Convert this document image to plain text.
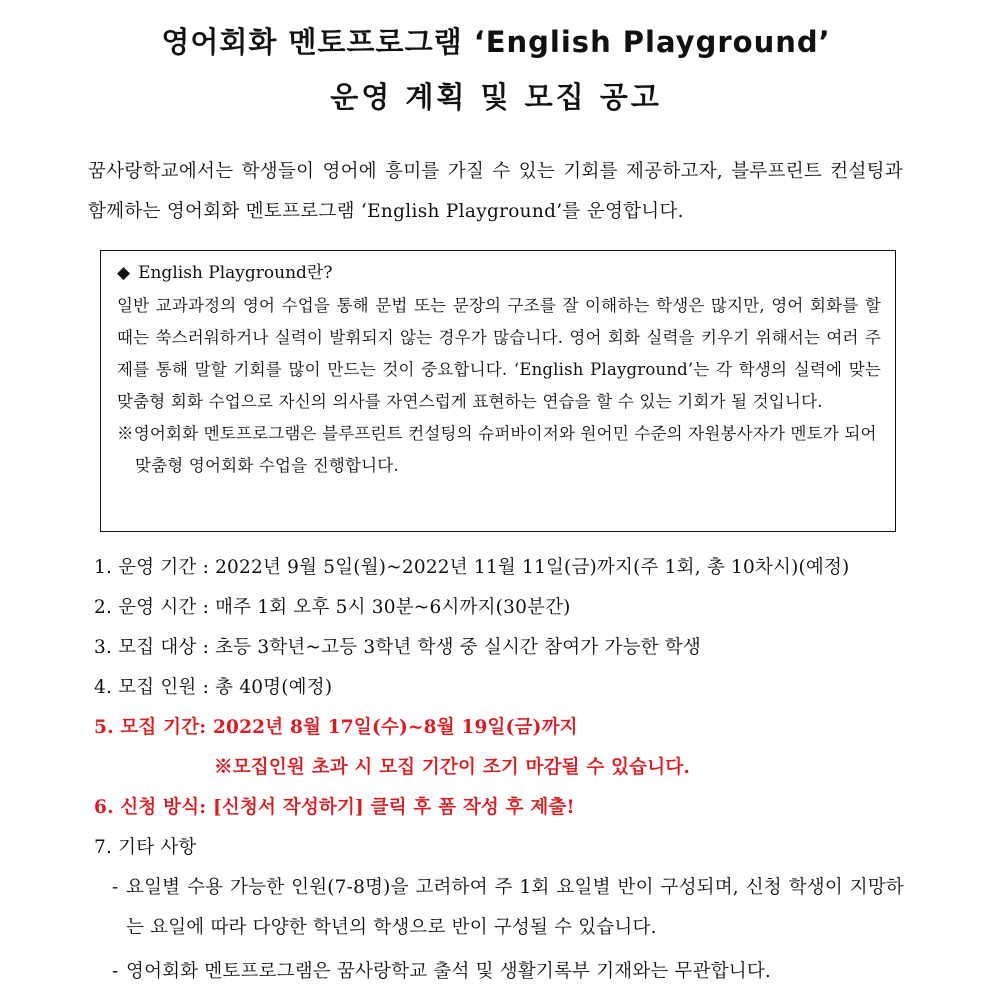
영어회화 멘토프로그램 ‘English Playground’
운영 계획 및 모집 공고
꿈사랑학교에서는 학생들이 영어에 흥미를 가질 수 있는 기회를 제공하고자, 블루프린트 컨설팅과 함께하는 영어회화 멘토프로그램 ‘English Playground’를 운영합니다.
◆ English Playground란?
일반 교과과정의 영어 수업을 통해 문법 또는 문장의 구조를 잘 이해하는 학생은 많지만, 영어 회화를 할 때는 쑥스러워하거나 실력이 발휘되지 않는 경우가 많습니다. 영어 회화 실력을 키우기 위해서는 여러 주제를 통해 말할 기회를 많이 만드는 것이 중요합니다. ‘English Playground’는 각 학생의 실력에 맞는 맞춤형 회화 수업으로 자신의 의사를 자연스럽게 표현하는 연습을 할 수 있는 기회가 될 것입니다.
※영어회화 멘토프로그램은 블루프린트 컨설팅의 슈퍼바이저와 원어민 수준의 자원봉사자가 멘토가 되어 맞춤형 영어회화 수업을 진행합니다.
1. 운영 기간 : 2022년 9월 5일(월)~2022년 11월 11일(금)까지(주 1회, 총 10차시)(예정)
2. 운영 시간 : 매주 1회 오후 5시 30분~6시까지(30분간)
3. 모집 대상 : 초등 3학년~고등 3학년 학생 중 실시간 참여가 가능한 학생
4. 모집 인원 : 총 40명(예정)
5. 모집 기간: 2022년 8월 17일(수)~8월 19일(금)까지
※모집인원 초과 시 모집 기간이 조기 마감될 수 있습니다.
6. 신청 방식: [신청서 작성하기] 클릭 후 폼 작성 후 제출!
7. 기타 사항
- 요일별 수용 가능한 인원(7-8명)을 고려하여 주 1회 요일별 반이 구성되며, 신청 학생이 지망하는 요일에 따라 다양한 학년의 학생으로 반이 구성될 수 있습니다.
- 영어회화 멘토프로그램은 꿈사랑학교 출석 및 생활기록부 기재와는 무관합니다.
